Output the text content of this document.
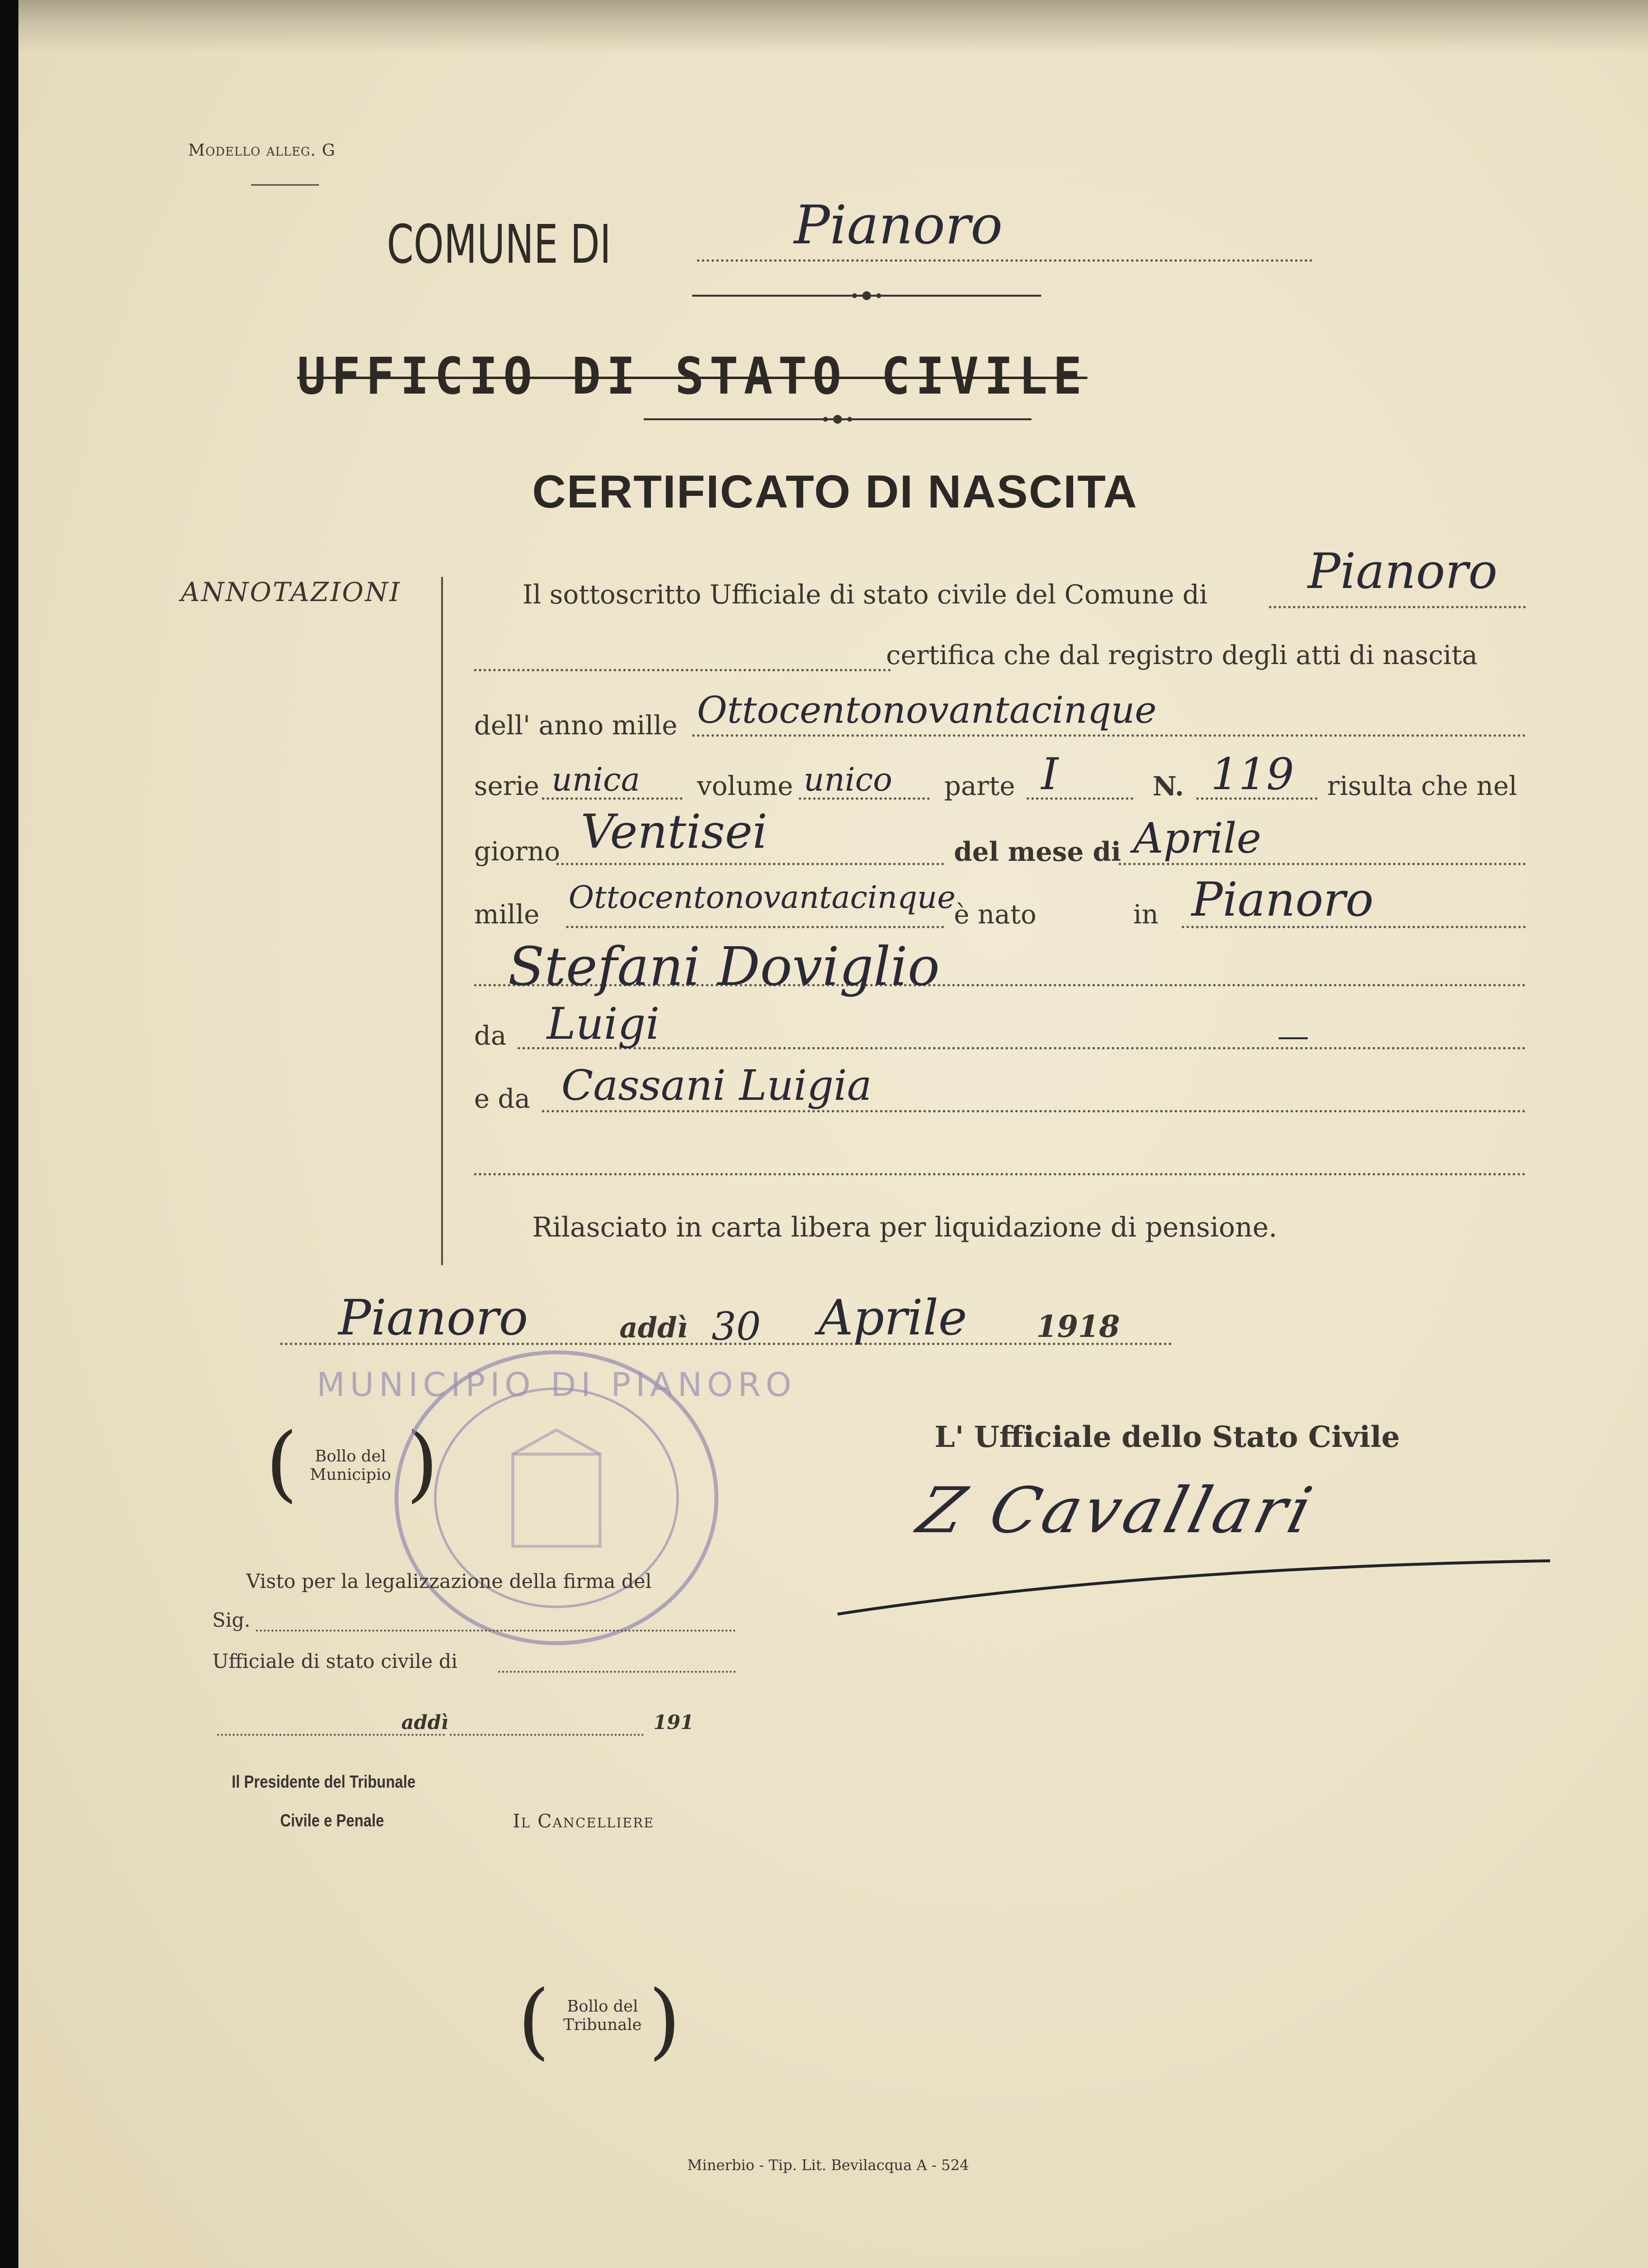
Modello alleg. G
COMUNE DI	Pianoro
UFFICIO DI STATO CIVILE
CERTIFICATO DI NASCITA
ANNOTAZIONI	Il sottoscritto Ufficiale di stato civile del Comune di Pianoro
certifica che dal registro degli atti di nascita
dell' anno mille Ottocentonovantacinque
serie unica volume unico parte I	N. 119 risulta che nel
giorno Ventisei	del mese di Aprile
mille Ottocentonovantacinque
è nato	in Pianoro
Stefani Doviglio
da Luigi
e da Cassani Luigia
Rilasciato in carta libera per liquidazione di pensione.
Pianoro	addì 30 Aprile 1918
(	Bollo del Municipio )
MUNICIPIO DI PIANORO
L' Ufficiale dello Stato Civile
Z Cavallari
Visto per la legalizzazione della firma del
Sig.
Ufficiale di stato civile di
addì	191
Il Presidente del Tribunale
Civile e Penale	Il Cancelliere
(	Bollo del Tribunale )
Minerbio - Tip. Lit. Bevilacqua A - 524
